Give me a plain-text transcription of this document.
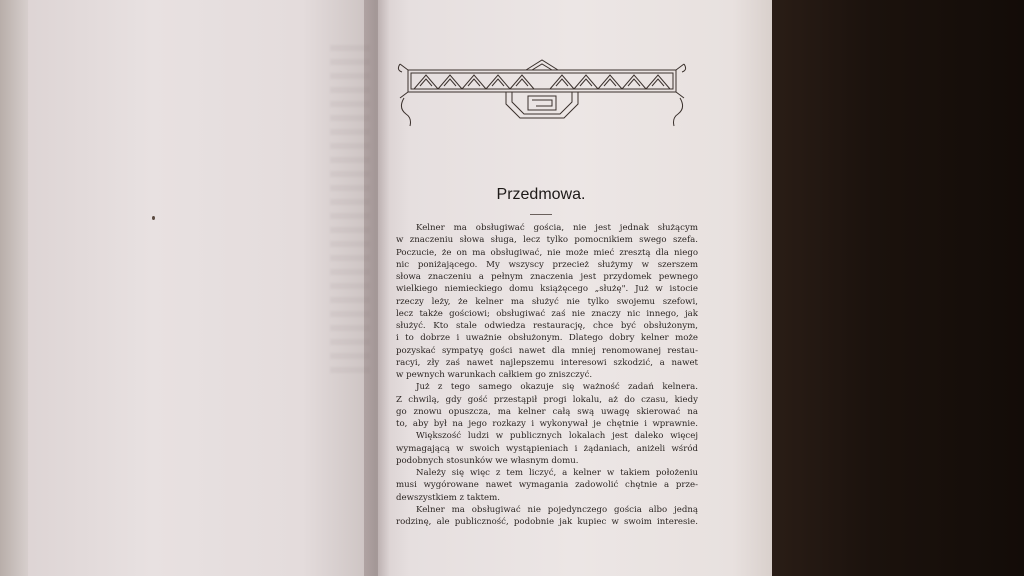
Przedmowa.
Kelner ma obsługiwać gościa, nie jest jednak służącym
w znaczeniu słowa sługa, lecz tylko pomocnikiem swego szefa.
Poczucie, że on ma obsługiwać, nie może mieć zresztą dla niego
nic poniżającego. My wszyscy przecież służymy w szerszem
słowa znaczeniu a pełnym znaczenia jest przydomek pewnego
wielkiego niemieckiego domu książęcego „służę". Już w istocie
rzeczy leży, że kelner ma służyć nie tylko swojemu szefowi,
lecz także gościowi; obsługiwać zaś nie znaczy nic innego, jak
służyć. Kto stale odwiedza restaurację, chce być obsłużonym,
i to dobrze i uważnie obsłużonym. Dlatego dobry kelner może
pozyskać sympatyę gości nawet dla mniej renomowanej restau-
racyi, zły zaś nawet najlepszemu interesowi szkodzić, a nawet
w pewnych warunkach całkiem go zniszczyć.
Już z tego samego okazuje się ważność zadań kelnera.
Z chwilą, gdy gość przestąpił progi lokalu, aż do czasu, kiedy
go znowu opuszcza, ma kelner całą swą uwagę skierować na
to, aby był na jego rozkazy i wykonywał je chętnie i wprawnie.
Większość ludzi w publicznych lokalach jest daleko więcej
wymagającą w swoich wystąpieniach i żądaniach, aniżeli wśród
podobnych stosunków we własnym domu.
Należy się więc z tem liczyć, a kelner w takiem położeniu
musi wygórowane nawet wymagania zadowolić chętnie a prze-
dewszystkiem z taktem.
Kelner ma obsługiwać nie pojedynczego gościa albo jedną
rodzinę, ale publiczność, podobnie jak kupiec w swoim interesie.
